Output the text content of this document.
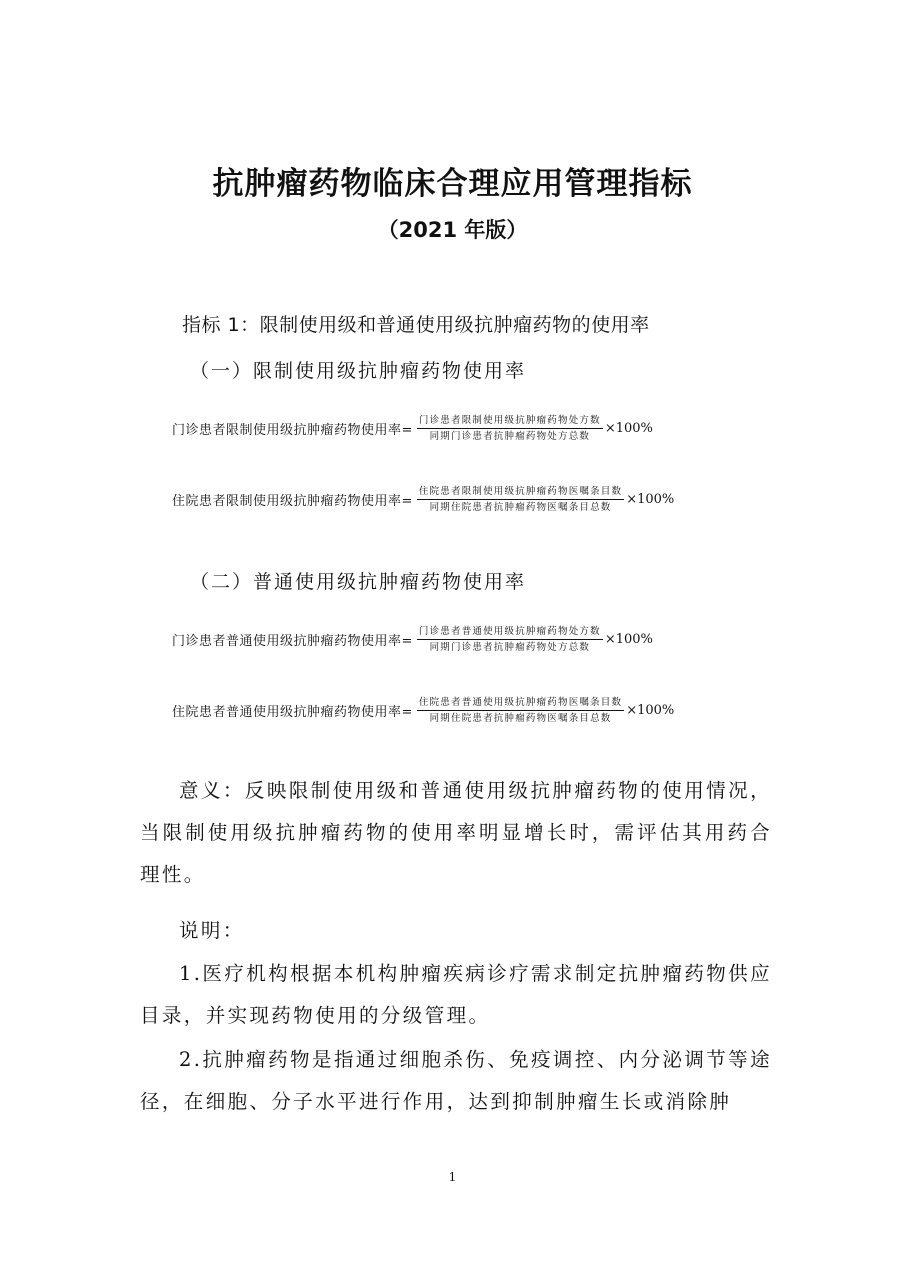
抗肿瘤药物临床合理应用管理指标
（2021 年版）
指标 1：限制使用级和普通使用级抗肿瘤药物的使用率
（一）限制使用级抗肿瘤药物使用率
门诊患者限制使用级抗肿瘤药物使用率= $\frac{\text{门诊患者限制使用级抗肿瘤药物处方数}}{\text{同期门诊患者抗肿瘤药物处方总数}} \times 100\%$
住院患者限制使用级抗肿瘤药物使用率= $\frac{\text{住院患者限制使用级抗肿瘤药物医嘱条目数}}{\text{同期住院患者抗肿瘤药物医嘱条目总数}} \times 100\%$
（二）普通使用级抗肿瘤药物使用率
门诊患者普通使用级抗肿瘤药物使用率= $\frac{\text{门诊患者普通使用级抗肿瘤药物处方数}}{\text{同期门诊患者抗肿瘤药物处方总数}} \times 100\%$
住院患者普通使用级抗肿瘤药物使用率= $\frac{\text{住院患者普通使用级抗肿瘤药物医嘱条目数}}{\text{同期住院患者抗肿瘤药物医嘱条目总数}} \times 100\%$
意义：反映限制使用级和普通使用级抗肿瘤药物的使用情况，当限制使用级抗肿瘤药物的使用率明显增长时，需评估其用药合理性。
说明：
1.医疗机构根据本机构肿瘤疾病诊疗需求制定抗肿瘤药物供应目录，并实现药物使用的分级管理。
2.抗肿瘤药物是指通过细胞杀伤、免疫调控、内分泌调节等途径，在细胞、分子水平进行作用，达到抑制肿瘤生长或消除肿
1
